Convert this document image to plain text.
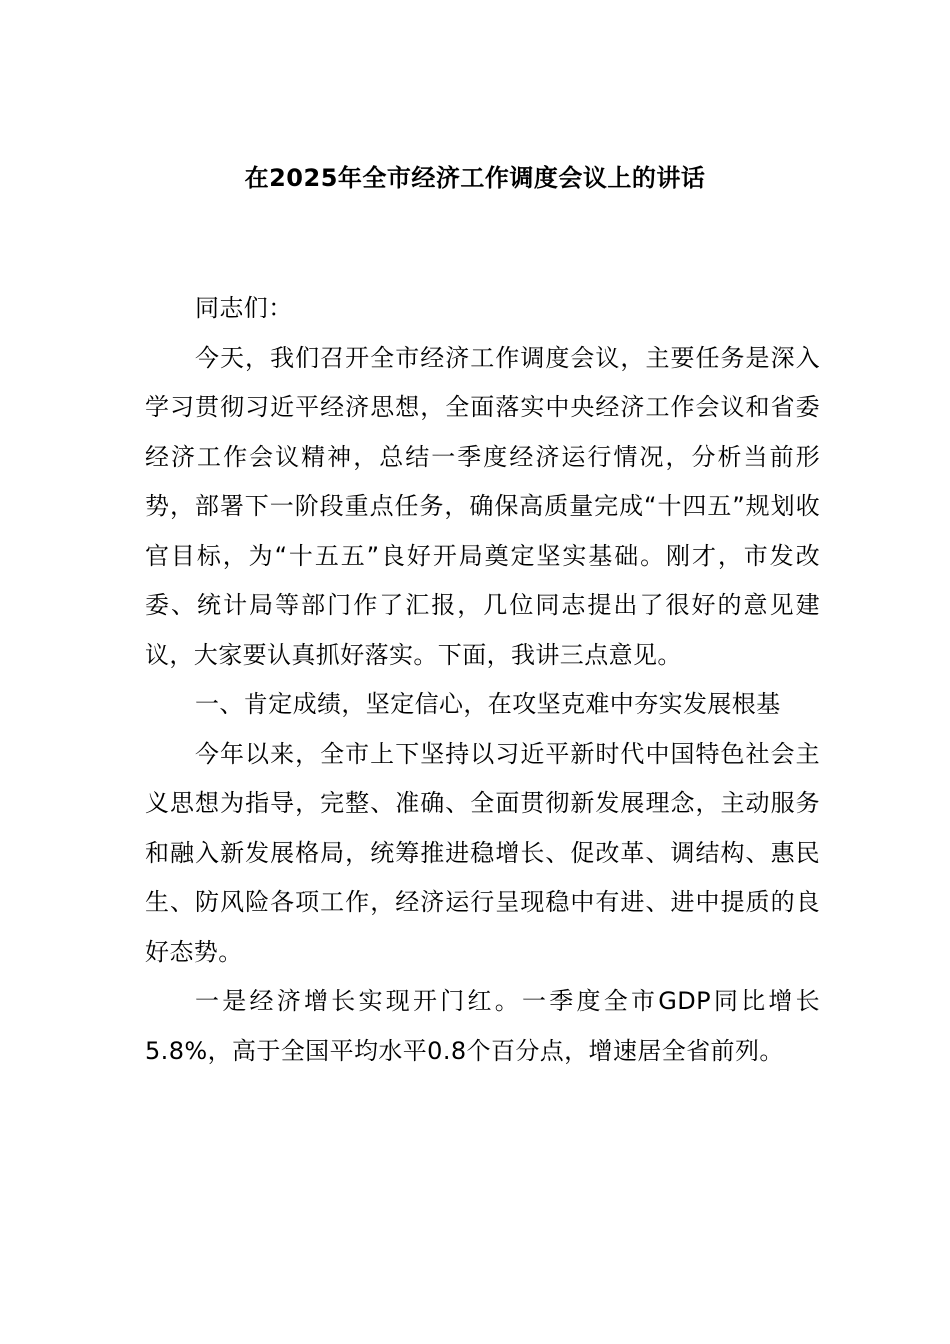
在2025年全市经济工作调度会议上的讲话

同志们：

今天，我们召开全市经济工作调度会议，主要任务是深入学习贯彻习近平经济思想，全面落实中央经济工作会议和省委经济工作会议精神，总结一季度经济运行情况，分析当前形势，部署下一阶段重点任务，确保高质量完成“十四五”规划收官目标，为“十五五”良好开局奠定坚实基础。刚才，市发改委、统计局等部门作了汇报，几位同志提出了很好的意见建议，大家要认真抓好落实。下面，我讲三点意见。

一、肯定成绩，坚定信心，在攻坚克难中夯实发展根基

今年以来，全市上下坚持以习近平新时代中国特色社会主义思想为指导，完整、准确、全面贯彻新发展理念，主动服务和融入新发展格局，统筹推进稳增长、促改革、调结构、惠民生、防风险各项工作，经济运行呈现稳中有进、进中提质的良好态势。

一是经济增长实现开门红。一季度全市GDP同比增长5.8%，高于全国平均水平0.8个百分点，增速居全省前列。
